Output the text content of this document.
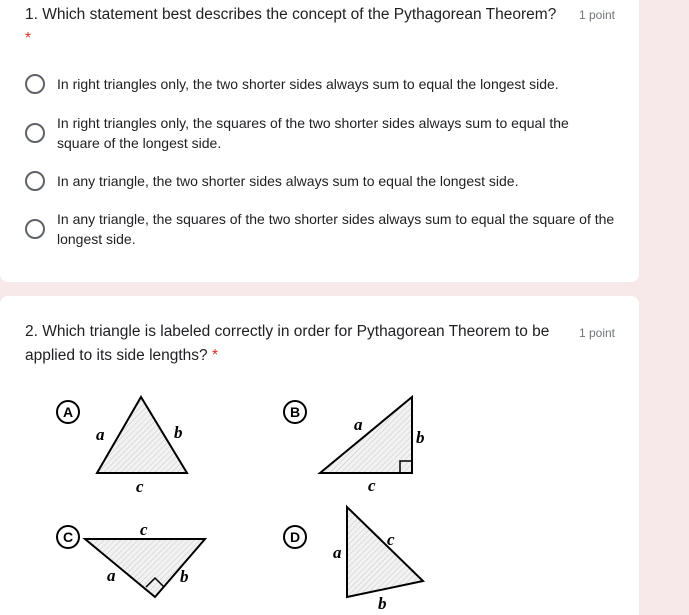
1. Which statement best describes the concept of the Pythagorean Theorem? *
1 point
In right triangles only, the two shorter sides always sum to equal the longest side.
In right triangles only, the squares of the two shorter sides always sum to equal the square of the longest side.
In any triangle, the two shorter sides always sum to equal the longest side.
In any triangle, the squares of the two shorter sides always sum to equal the square of the longest side.
2. Which triangle is labeled correctly in order for Pythagorean Theorem to be applied to its side lengths? *
1 point
A
a	b
c
B
a
b
c
C	c
a	b
D
a
c
b
